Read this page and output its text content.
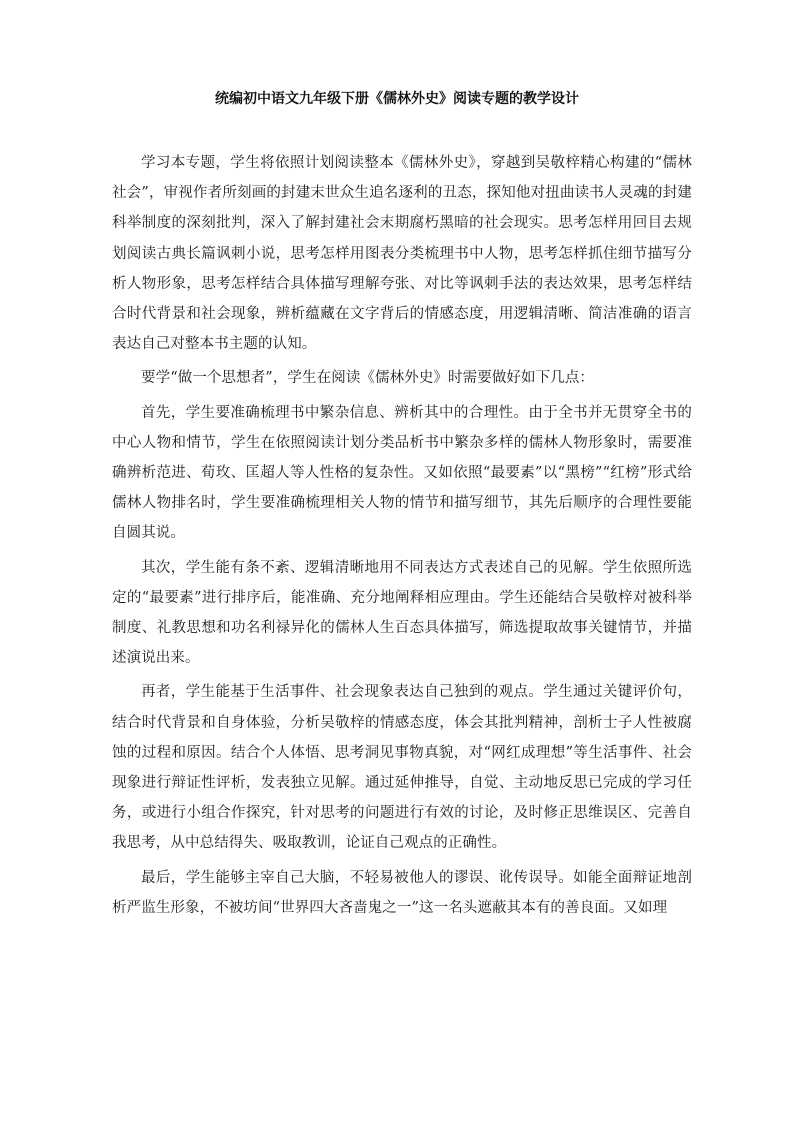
统编初中语文九年级下册《儒林外史》阅读专题的教学设计

学习本专题，学生将依照计划阅读整本《儒林外史》，穿越到吴敬梓精心构建的“儒林社会”，审视作者所刻画的封建末世众生追名逐利的丑态，探知他对扭曲读书人灵魂的封建科举制度的深刻批判，深入了解封建社会末期腐朽黑暗的社会现实。思考怎样用回目去规划阅读古典长篇讽刺小说，思考怎样用图表分类梳理书中人物，思考怎样抓住细节描写分析人物形象，思考怎样结合具体描写理解夸张、对比等讽刺手法的表达效果，思考怎样结合时代背景和社会现象，辨析蕴藏在文字背后的情感态度，用逻辑清晰、简洁准确的语言表达自己对整本书主题的认知。

要学“做一个思想者”，学生在阅读《儒林外史》时需要做好如下几点：

首先，学生要准确梳理书中繁杂信息、辨析其中的合理性。由于全书并无贯穿全书的中心人物和情节，学生在依照阅读计划分类品析书中繁杂多样的儒林人物形象时，需要准确辨析范进、荀玫、匡超人等人性格的复杂性。又如依照“最要素”以“黑榜”“红榜”形式给儒林人物排名时，学生要准确梳理相关人物的情节和描写细节，其先后顺序的合理性要能自圆其说。

其次，学生能有条不紊、逻辑清晰地用不同表达方式表述自己的见解。学生依照所选定的“最要素”进行排序后，能准确、充分地阐释相应理由。学生还能结合吴敬梓对被科举制度、礼教思想和功名利禄异化的儒林人生百态具体描写，筛选提取故事关键情节，并描述演说出来。

再者，学生能基于生活事件、社会现象表达自己独到的观点。学生通过关键评价句，结合时代背景和自身体验，分析吴敬梓的情感态度，体会其批判精神，剖析士子人性被腐蚀的过程和原因。结合个人体悟、思考洞见事物真貌，对“网红成理想”等生活事件、社会现象进行辩证性评析，发表独立见解。通过延伸推导，自觉、主动地反思已完成的学习任务，或进行小组合作探究，针对思考的问题进行有效的讨论，及时修正思维误区、完善自我思考，从中总结得失、吸取教训，论证自己观点的正确性。

最后，学生能够主宰自己大脑，不轻易被他人的谬误、讹传误导。如能全面辩证地剖析严监生形象，不被坊间“世界四大吝啬鬼之一”这一名头遮蔽其本有的善良面。又如理
